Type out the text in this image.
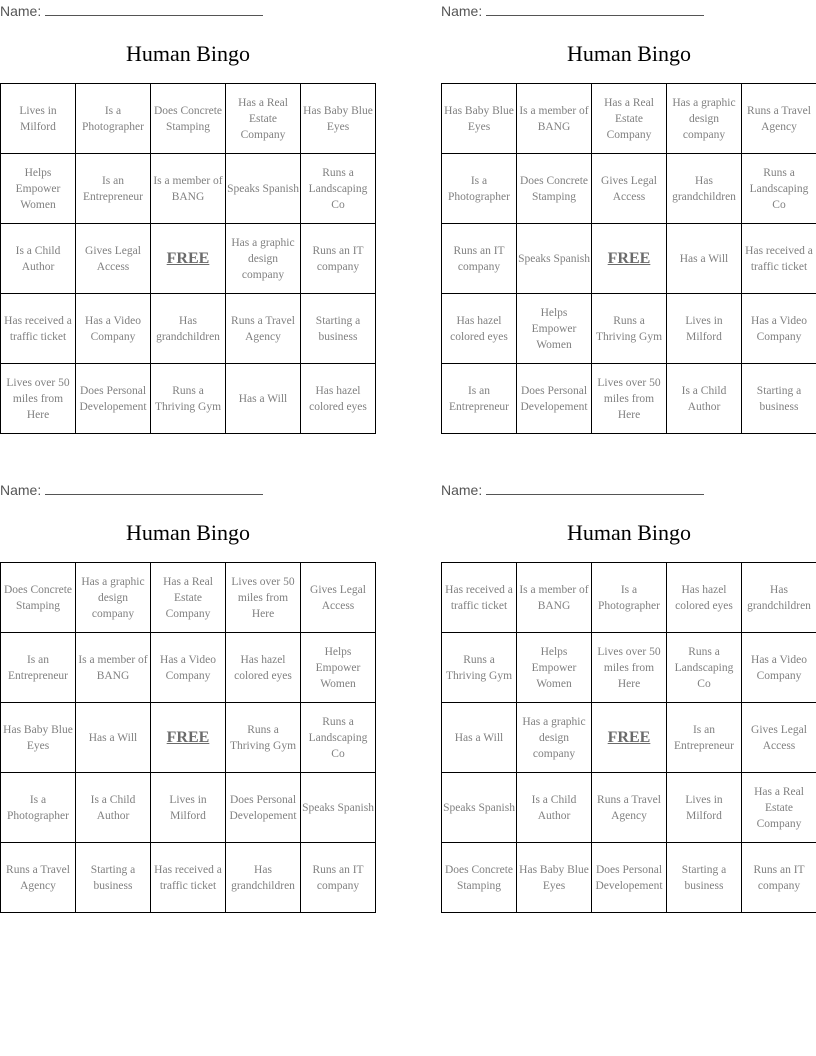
Name:
Human Bingo
Lives in Milford	Is a Photographer	Does Concrete Stamping	Has a Real Estate Company	Has Baby Blue Eyes
Helps Empower Women	Is an Entrepreneur	Is a member of BANG	Speaks Spanish	Runs a Landscaping Co
Is a Child Author	Gives Legal Access	FREE	Has a graphic design company	Runs an IT company
Has received a traffic ticket	Has a Video Company	Has grandchildren	Runs a Travel Agency	Starting a business
Lives over 50 miles from Here	Does Personal Developement	Runs a Thriving Gym	Has a Will	Has hazel colored eyes
Name:
Human Bingo
Has Baby Blue Eyes	Is a member of BANG	Has a Real Estate Company	Has a graphic design company	Runs a Travel Agency
Is a Photographer	Does Concrete Stamping	Gives Legal Access	Has grandchildren	Runs a Landscaping Co
Runs an IT company	Speaks Spanish	FREE	Has a Will	Has received a traffic ticket
Has hazel colored eyes	Helps Empower Women	Runs a Thriving Gym	Lives in Milford	Has a Video Company
Is an Entrepreneur	Does Personal Developement	Lives over 50 miles from Here	Is a Child Author	Starting a business
Name:
Human Bingo
Does Concrete Stamping	Has a graphic design company	Has a Real Estate Company	Lives over 50 miles from Here	Gives Legal Access
Is an Entrepreneur	Is a member of BANG	Has a Video Company	Has hazel colored eyes	Helps Empower Women
Has Baby Blue Eyes	Has a Will	FREE	Runs a Thriving Gym	Runs a Landscaping Co
Is a Photographer	Is a Child Author	Lives in Milford	Does Personal Developement	Speaks Spanish
Runs a Travel Agency	Starting a business	Has received a traffic ticket	Has grandchildren	Runs an IT company
Name:
Human Bingo
Has received a traffic ticket	Is a member of BANG	Is a Photographer	Has hazel colored eyes	Has grandchildren
Runs a Thriving Gym	Helps Empower Women	Lives over 50 miles from Here	Runs a Landscaping Co	Has a Video Company
Has a Will	Has a graphic design company	FREE	Is an Entrepreneur	Gives Legal Access
Speaks Spanish	Is a Child Author	Runs a Travel Agency	Lives in Milford	Has a Real Estate Company
Does Concrete Stamping	Has Baby Blue Eyes	Does Personal Developement	Starting a business	Runs an IT company
